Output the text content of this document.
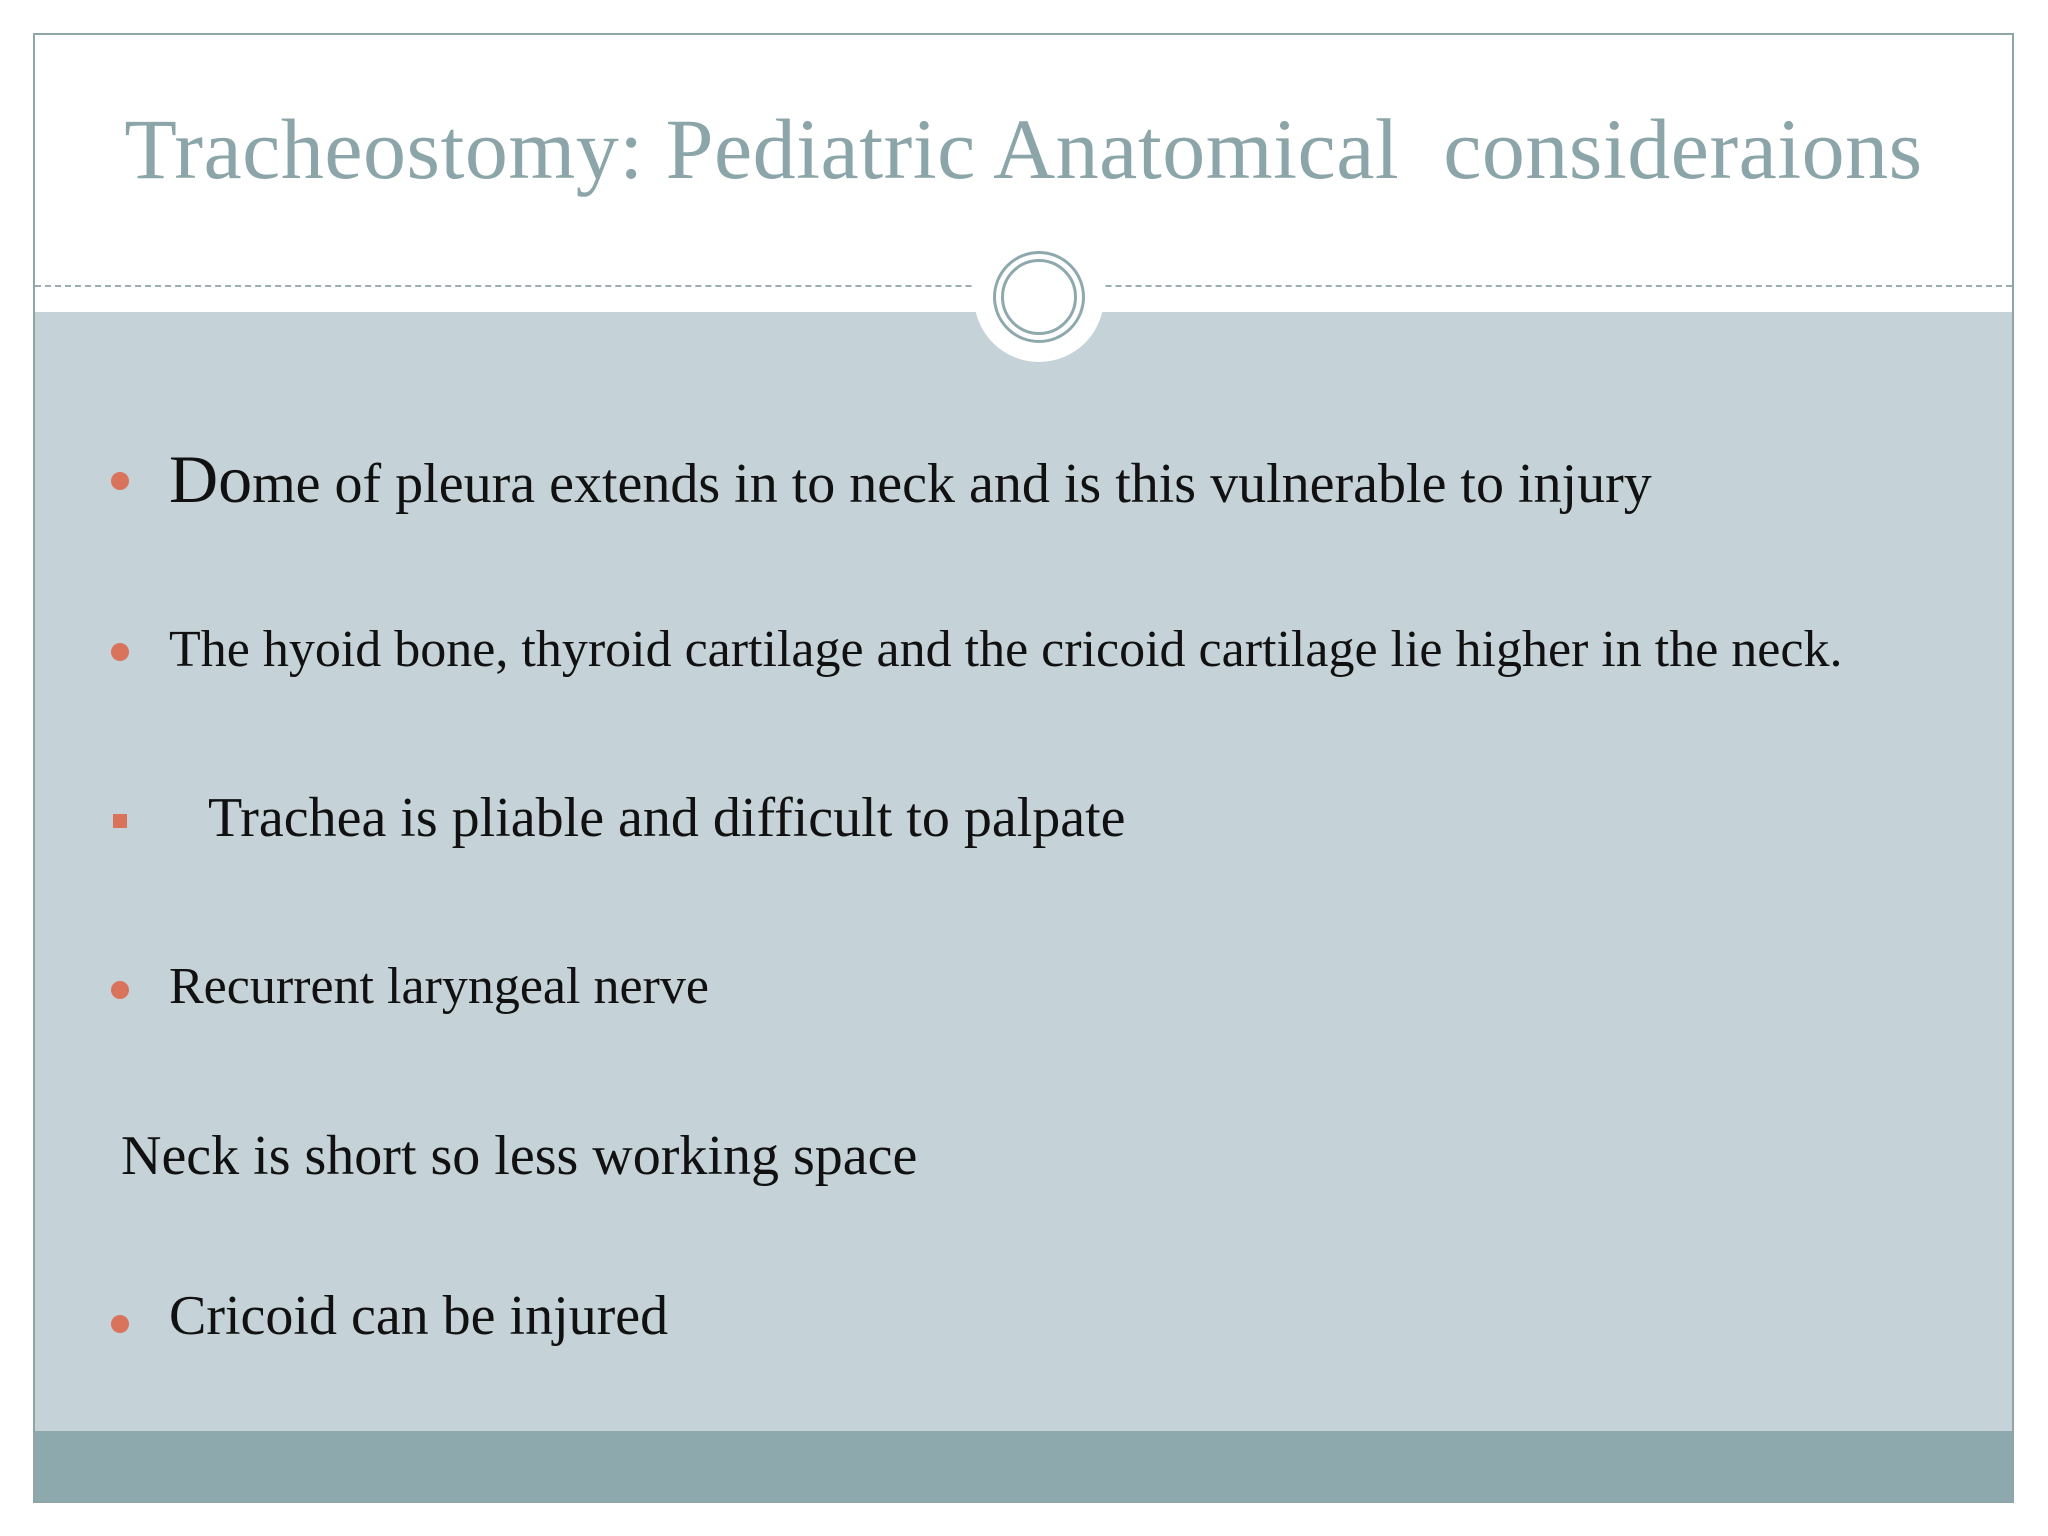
Tracheostomy: Pediatric Anatomical  consideraions
Dome of pleura extends in to neck and is this vulnerable to injury
The hyoid bone, thyroid cartilage and the cricoid cartilage lie higher in the neck.
Trachea is pliable and difficult to palpate
Recurrent laryngeal nerve
Neck is short so less working space
Cricoid can be injured
